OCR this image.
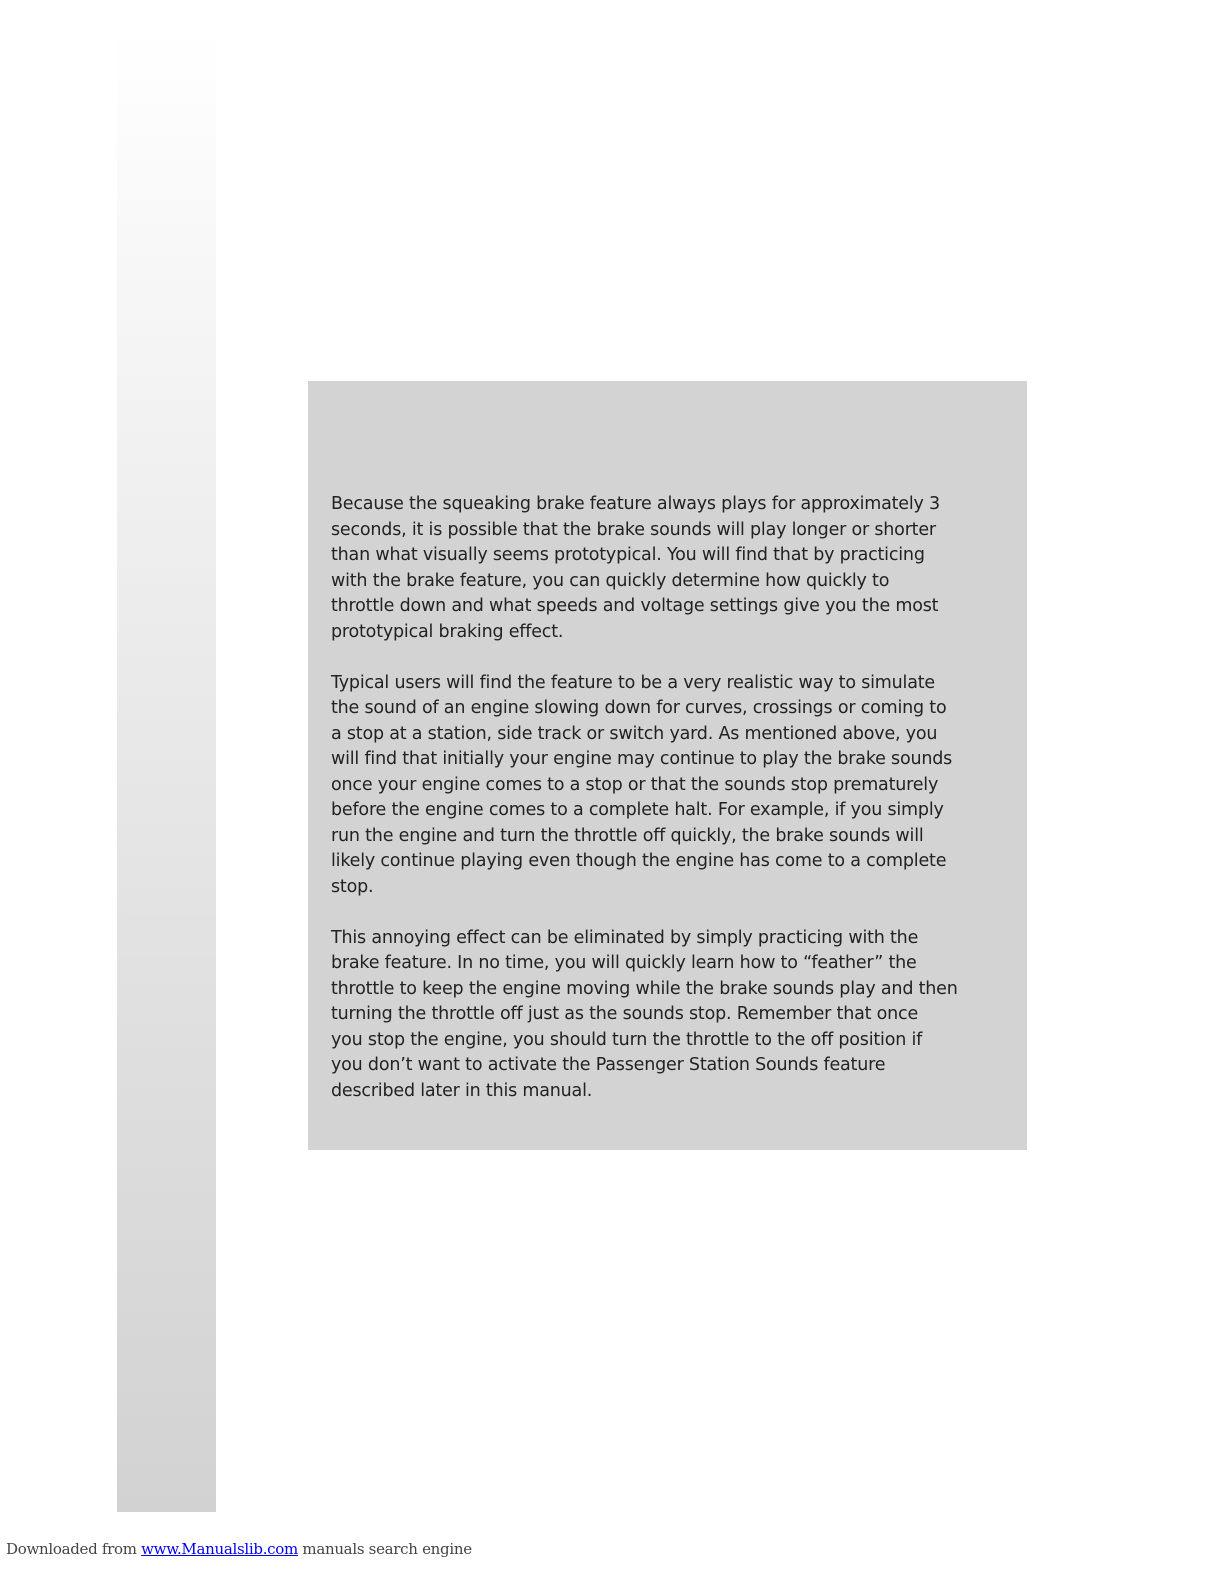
Because the squeaking brake feature always plays for approximately 3
seconds, it is possible that the brake sounds will play longer or shorter
than what visually seems prototypical. You will find that by practicing
with the brake feature, you can quickly determine how quickly to
throttle down and what speeds and voltage settings give you the most
prototypical braking effect.

Typical users will find the feature to be a very realistic way to simulate
the sound of an engine slowing down for curves, crossings or coming to
a stop at a station, side track or switch yard. As mentioned above, you
will find that initially your engine may continue to play the brake sounds
once your engine comes to a stop or that the sounds stop prematurely
before the engine comes to a complete halt. For example, if you simply
run the engine and turn the throttle off quickly, the brake sounds will
likely continue playing even though the engine has come to a complete
stop.

This annoying effect can be eliminated by simply practicing with the
brake feature. In no time, you will quickly learn how to “feather” the
throttle to keep the engine moving while the brake sounds play and then
turning the throttle off just as the sounds stop. Remember that once
you stop the engine, you should turn the throttle to the off position if
you don’t want to activate the Passenger Station Sounds feature
described later in this manual.

Downloaded from www.Manualslib.com manuals search engine
